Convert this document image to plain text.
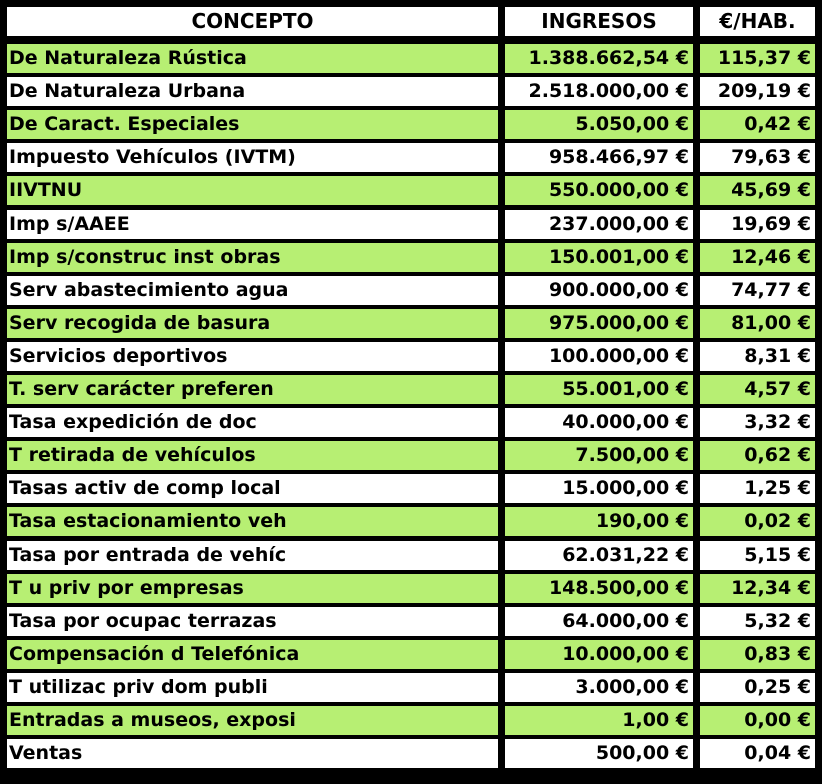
CONCEPTO	INGRESOS	€/HAB.
De Naturaleza Rústica	1.388.662,54 €	115,37 €
De Naturaleza Urbana	2.518.000,00 €	209,19 €
De Caract. Especiales	5.050,00 €	0,42 €
Impuesto Vehículos (IVTM)	958.466,97 €	79,63 €
IIVTNU	550.000,00 €	45,69 €
Imp s/AAEE	237.000,00 €	19,69 €
Imp s/construc inst obras	150.001,00 €	12,46 €
Serv abastecimiento agua	900.000,00 €	74,77 €
Serv recogida de basura	975.000,00 €	81,00 €
Servicios deportivos	100.000,00 €	8,31 €
T. serv carácter preferen	55.001,00 €	4,57 €
Tasa expedición de doc	40.000,00 €	3,32 €
T retirada de vehículos	7.500,00 €	0,62 €
Tasas activ de comp local	15.000,00 €	1,25 €
Tasa estacionamiento veh	190,00 €	0,02 €
Tasa por entrada de vehíc	62.031,22 €	5,15 €
T u priv por empresas	148.500,00 €	12,34 €
Tasa por ocupac terrazas	64.000,00 €	5,32 €
Compensación d Telefónica	10.000,00 €	0,83 €
T utilizac priv dom publi	3.000,00 €	0,25 €
Entradas a museos, exposi	1,00 €	0,00 €
Ventas	500,00 €	0,04 €
